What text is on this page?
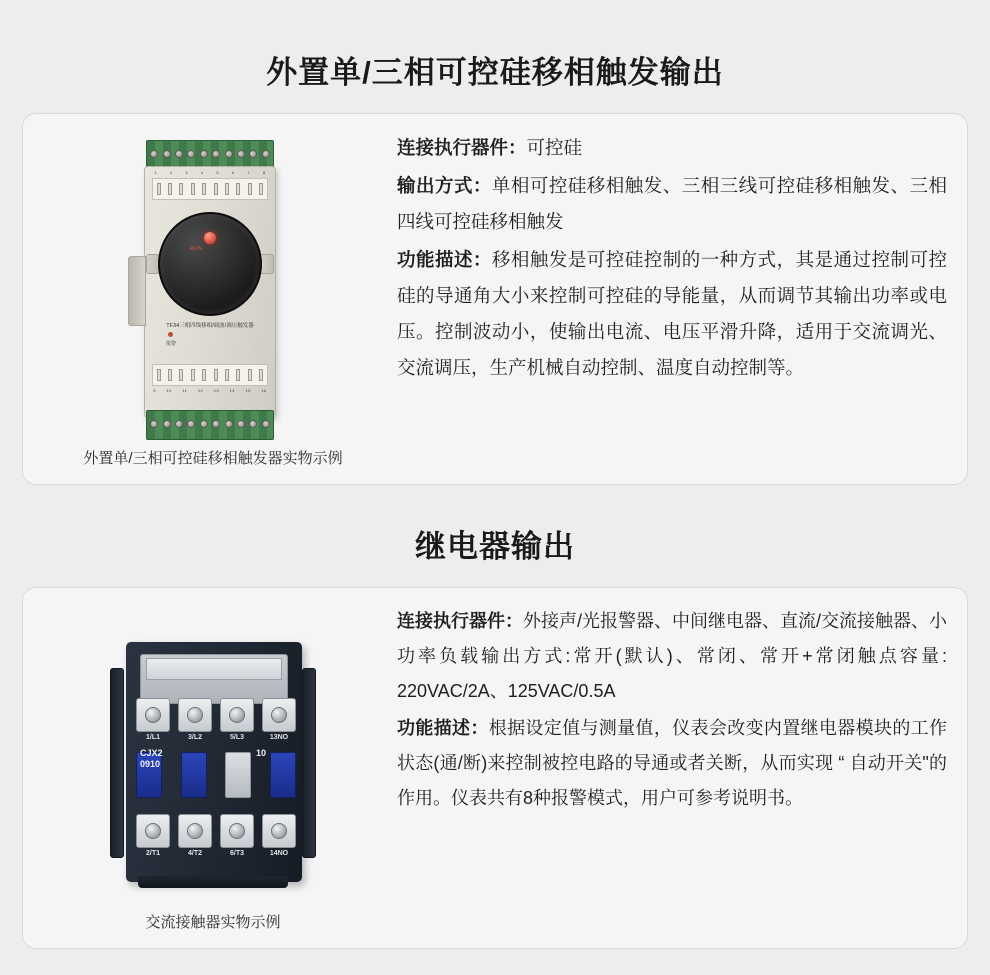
外置单/三相可控硅移相触发输出
1	2	3	4	5	6	7	8
RUN
报警
TF34三相四线移相/调波/调压触发器
9	10	11	12	13	14	15	16
外置单/三相可控硅移相触发器实物示例

连接执行器件：可控硅

输出方式：单相可控硅移相触发、三相三线可控硅移相触发、三相四线可控硅移相触发

功能描述：移相触发是可控硅控制的一种方式，其是通过控制可控硅的导通角大小来控制可控硅的导能量，从而调节其输出功率或电压。控制波动小，使输出电流、电压平滑升降，适用于交流调光、交流调压，生产机械自动控制、温度自动控制等。

继电器输出
1/L1	3/L2	5/L3	13NO
CJX2
0910
10
2/T1	4/T2	6/T3	14NO
交流接触器实物示例

连接执行器件：外接声/光报警器、中间继电器、直流/交流接触器、小功率负载输出方式:常开(默认)、常闭、常开+常闭触点容量: 220VAC/2A、125VAC/0.5A

功能描述：根据设定值与测量值，仪表会改变内置继电器模块的工作状态(通/断)来控制被控电路的导通或者关断，从而实现 “ 自动开关"的作用。仪表共有8种报警模式，用户可参考说明书。
